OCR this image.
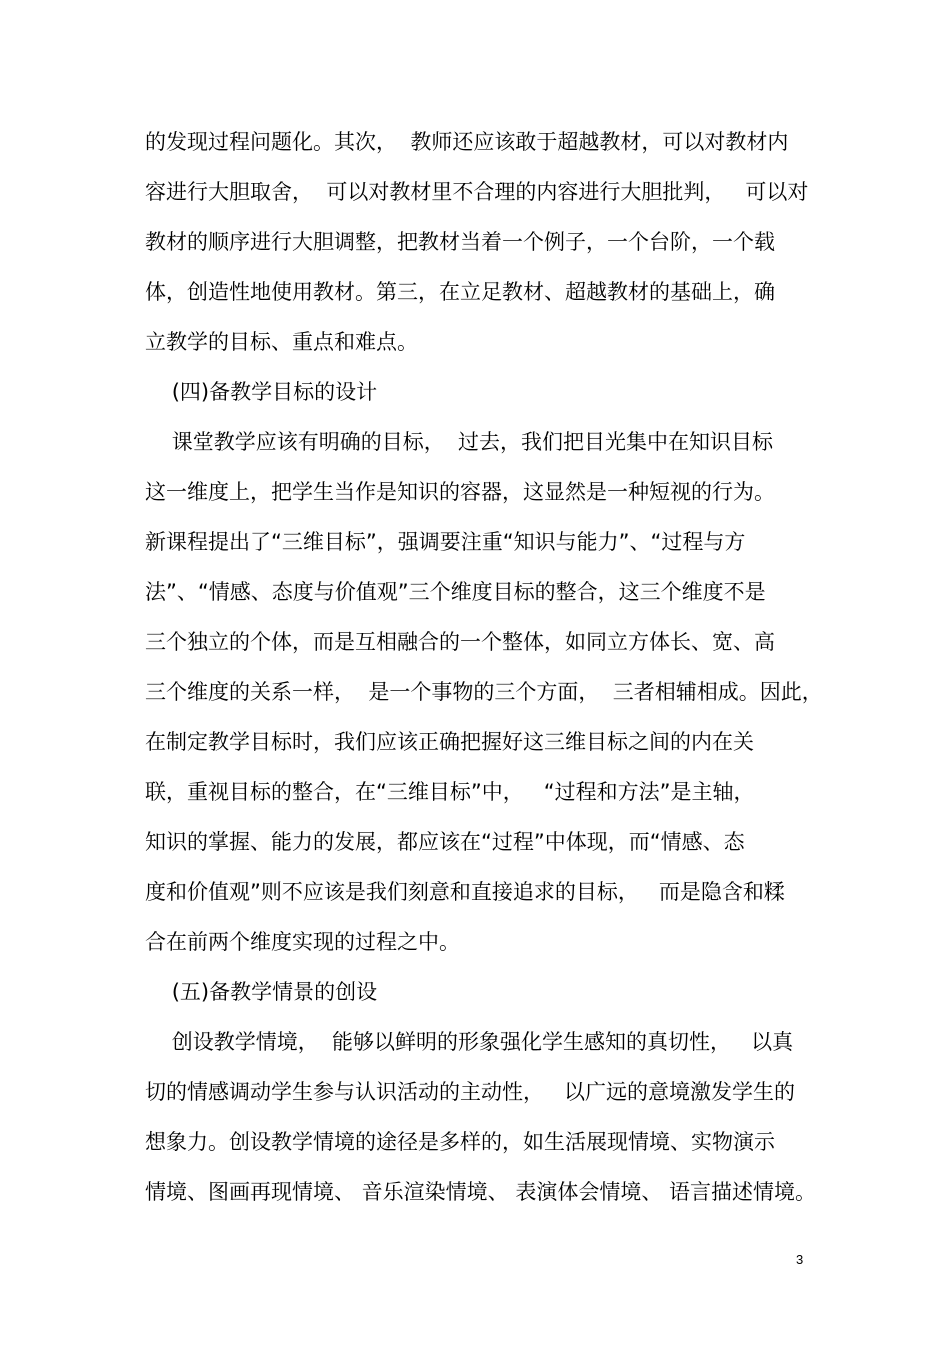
的发现过程问题化。其次，  教师还应该敢于超越教材，可以对教材内
容进行大胆取舍，  可以对教材里不合理的内容进行大胆批判，   可以对
教材的顺序进行大胆调整，把教材当着一个例子，一个台阶，一个载
体，创造性地使用教材。第三，在立足教材、超越教材的基础上，确
立教学的目标、重点和难点。
(四)备教学目标的设计
课堂教学应该有明确的目标，  过去，我们把目光集中在知识目标
这一维度上，把学生当作是知识的容器，这显然是一种短视的行为。
新课程提出了“三维目标”，强调要注重“知识与能力”、“过程与方
法”、“情感、态度与价值观”三个维度目标的整合，这三个维度不是
三个独立的个体，而是互相融合的一个整体，如同立方体长、宽、高
三个维度的关系一样，  是一个事物的三个方面，  三者相辅相成。因此，
在制定教学目标时，我们应该正确把握好这三维目标之间的内在关
联，重视目标的整合，在“三维目标”中，   “过程和方法”是主轴，
知识的掌握、能力的发展，都应该在“过程”中体现，而“情感、态
度和价值观”则不应该是我们刻意和直接追求的目标，   而是隐含和糅
合在前两个维度实现的过程之中。
(五)备教学情景的创设
创设教学情境，  能够以鲜明的形象强化学生感知的真切性，   以真
切的情感调动学生参与认识活动的主动性，   以广远的意境激发学生的
想象力。创设教学情境的途径是多样的，如生活展现情境、实物演示
情境、图画再现情境、 音乐渲染情境、 表演体会情境、 语言描述情境。
3
